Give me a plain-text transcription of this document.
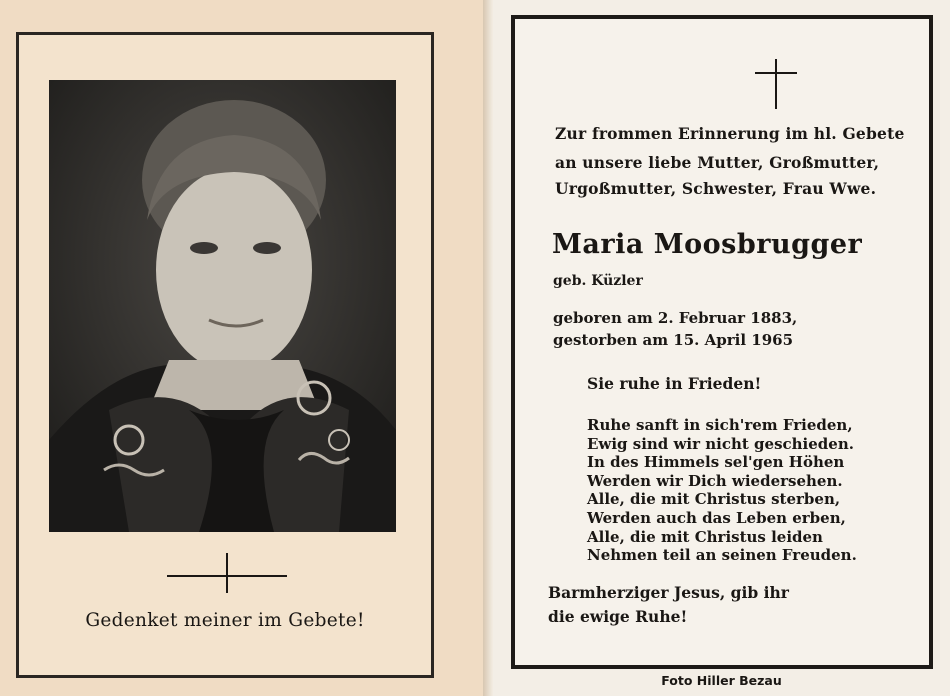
Gedenket meiner im Gebete!
Zur frommen Erinnerung im hl. Gebete
an unsere liebe Mutter, Großmutter,
Urgoßmutter, Schwester, Frau Wwe.
Maria Moosbrugger
geb. Küzler
geboren am 2. Februar 1883,
gestorben am 15. April 1965
Sie ruhe in Frieden!
Ruhe sanft in sich'rem Frieden,
Ewig sind wir nicht geschieden.
In des Himmels sel'gen Höhen
Werden wir Dich wiedersehen.
Alle, die mit Christus sterben,
Werden auch das Leben erben,
Alle, die mit Christus leiden
Nehmen teil an seinen Freuden.
Barmherziger Jesus, gib ihr
die ewige Ruhe!
Foto Hiller Bezau
